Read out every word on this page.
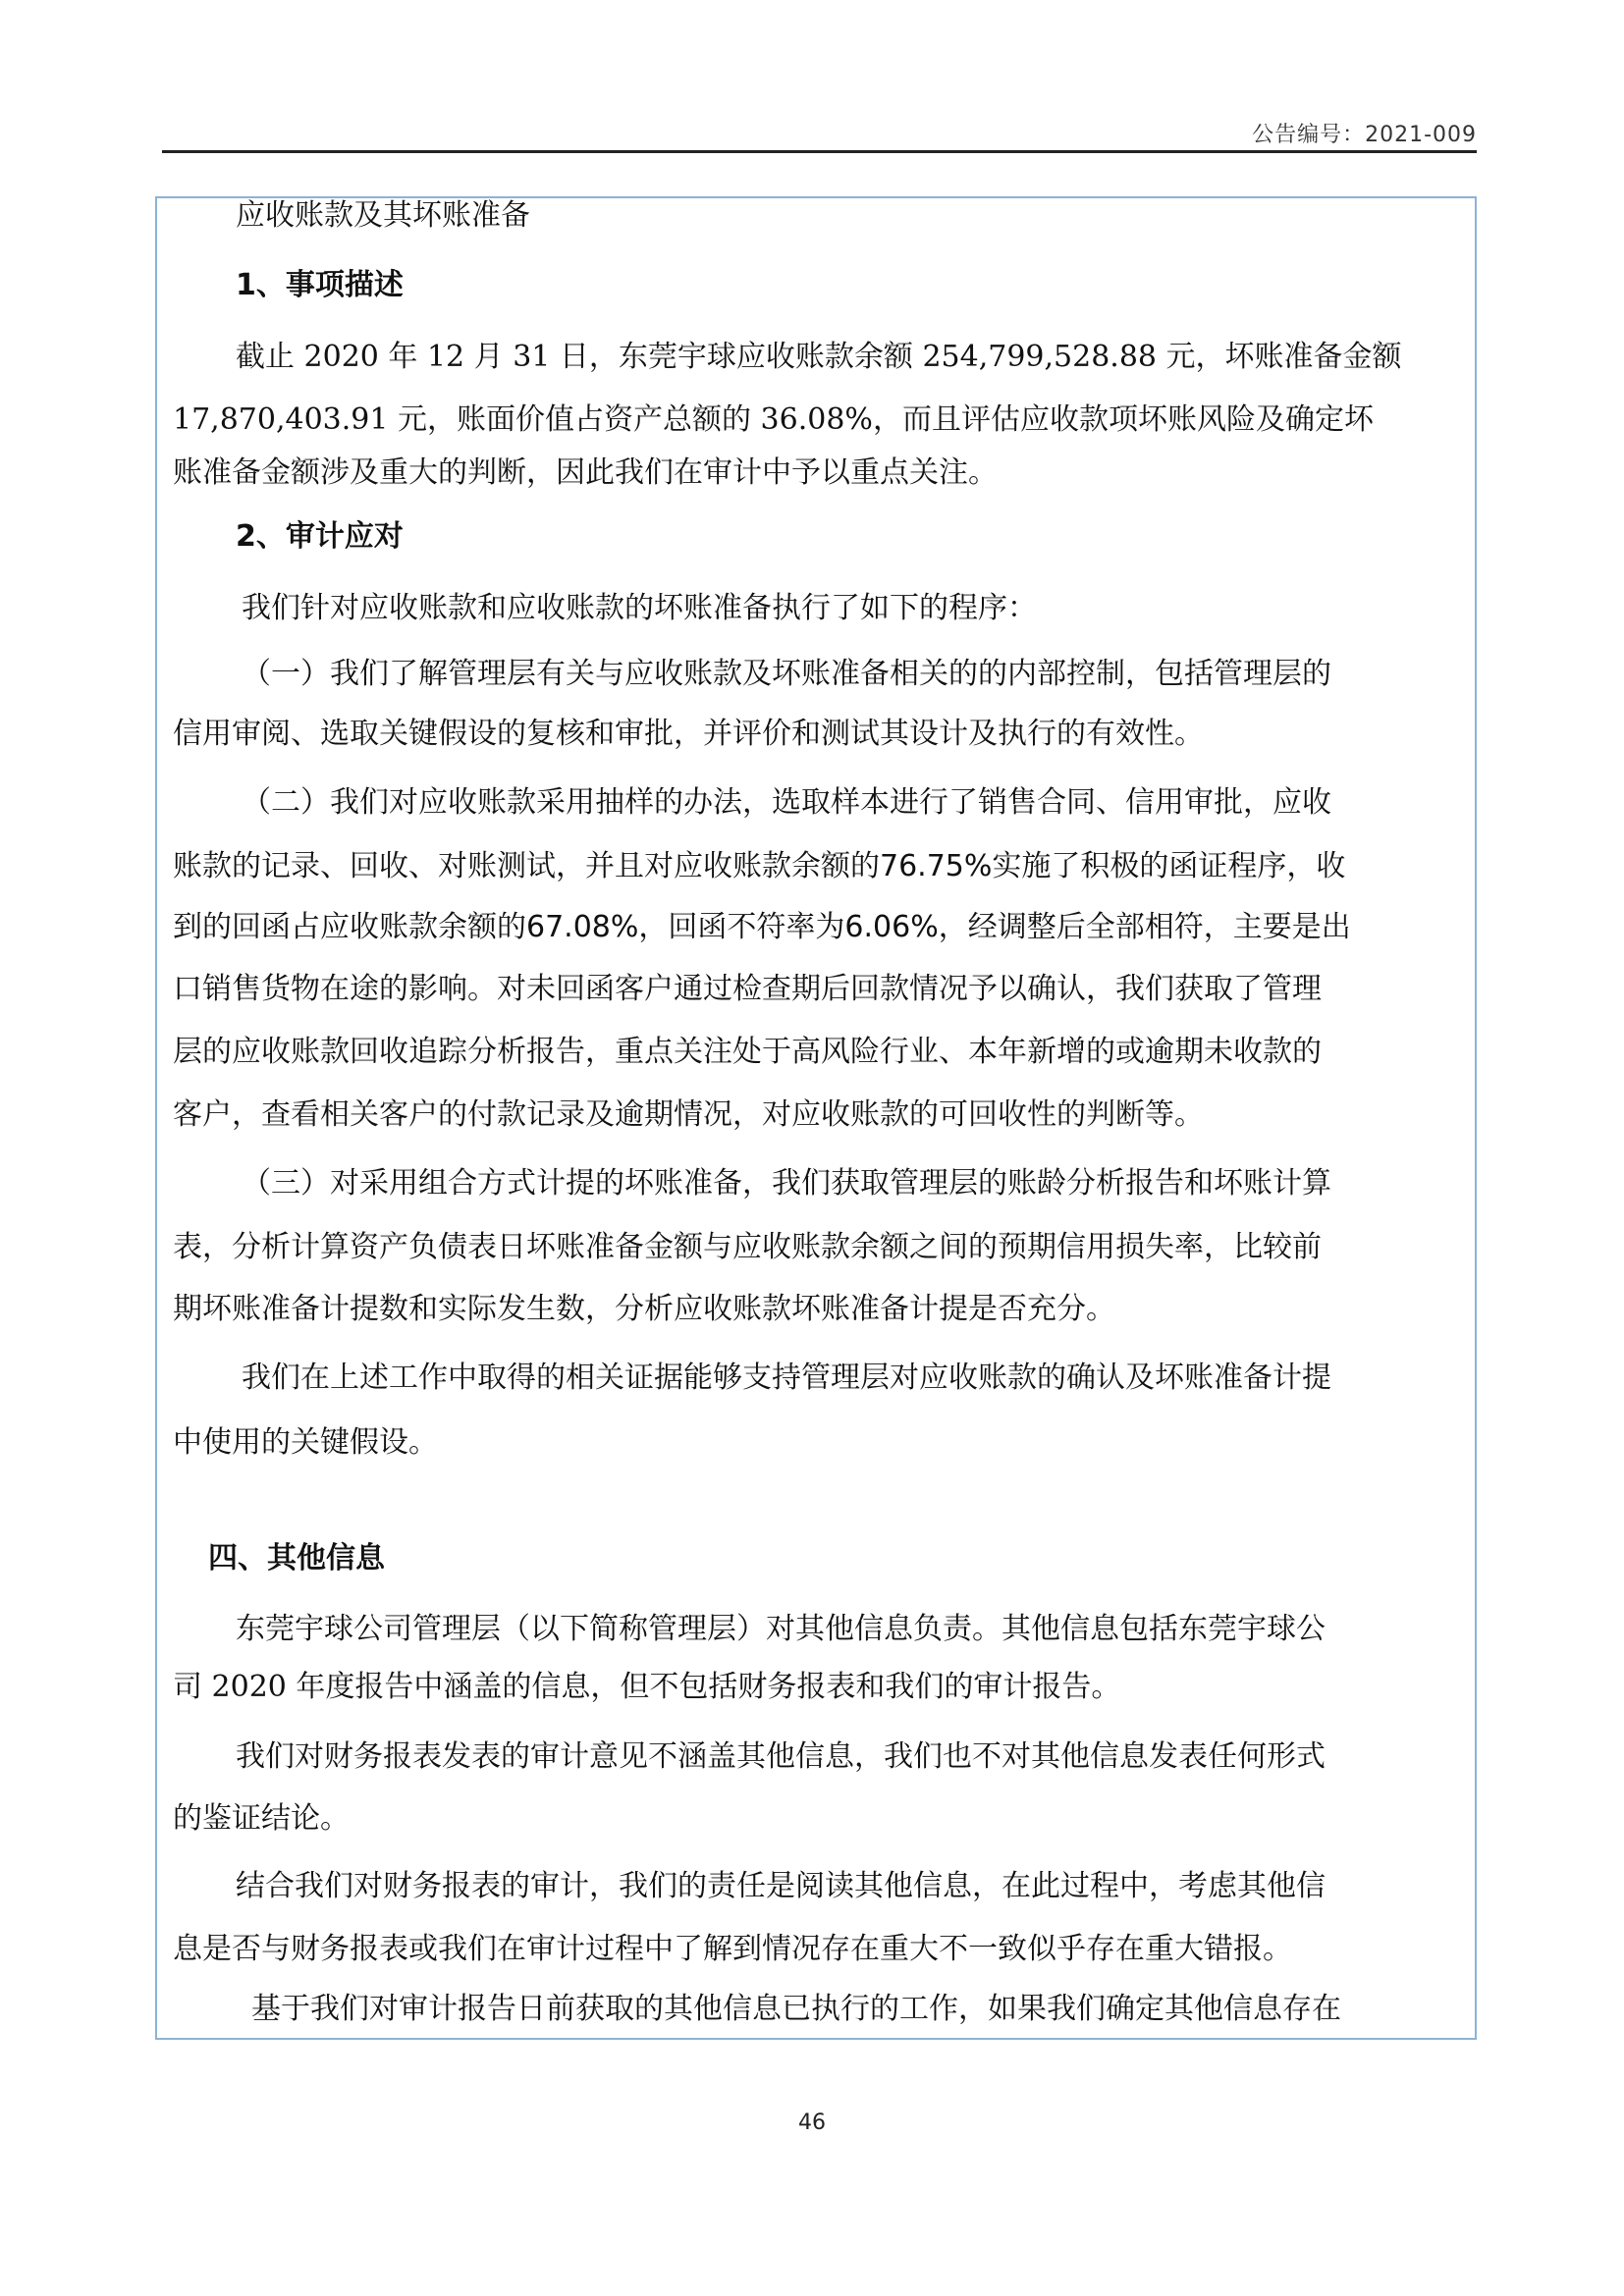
公告编号：2021-009
应收账款及其坏账准备
1、事项描述
截止 2020 年 12 月 31 日，东莞宇球应收账款余额 254,799,528.88 元，坏账准备金额
17,870,403.91 元，账面价值占资产总额的 36.08%，而且评估应收款项坏账风险及确定坏
账准备金额涉及重大的判断，因此我们在审计中予以重点关注。
2、审计应对
我们针对应收账款和应收账款的坏账准备执行了如下的程序：
（一）我们了解管理层有关与应收账款及坏账准备相关的的内部控制，包括管理层的
信用审阅、选取关键假设的复核和审批，并评价和测试其设计及执行的有效性。
（二）我们对应收账款采用抽样的办法，选取样本进行了销售合同、信用审批，应收
账款的记录、回收、对账测试，并且对应收账款余额的76.75%实施了积极的函证程序，收
到的回函占应收账款余额的67.08%，回函不符率为6.06%，经调整后全部相符，主要是出
口销售货物在途的影响。对未回函客户通过检查期后回款情况予以确认，我们获取了管理
层的应收账款回收追踪分析报告，重点关注处于高风险行业、本年新增的或逾期未收款的
客户，查看相关客户的付款记录及逾期情况，对应收账款的可回收性的判断等。
（三）对采用组合方式计提的坏账准备，我们获取管理层的账龄分析报告和坏账计算
表，分析计算资产负债表日坏账准备金额与应收账款余额之间的预期信用损失率，比较前
期坏账准备计提数和实际发生数，分析应收账款坏账准备计提是否充分。
我们在上述工作中取得的相关证据能够支持管理层对应收账款的确认及坏账准备计提
中使用的关键假设。
四、其他信息
东莞宇球公司管理层（以下简称管理层）对其他信息负责。其他信息包括东莞宇球公
司 2020 年度报告中涵盖的信息，但不包括财务报表和我们的审计报告。
我们对财务报表发表的审计意见不涵盖其他信息，我们也不对其他信息发表任何形式
的鉴证结论。
结合我们对财务报表的审计，我们的责任是阅读其他信息，在此过程中，考虑其他信
息是否与财务报表或我们在审计过程中了解到情况存在重大不一致似乎存在重大错报。
基于我们对审计报告日前获取的其他信息已执行的工作，如果我们确定其他信息存在
46
